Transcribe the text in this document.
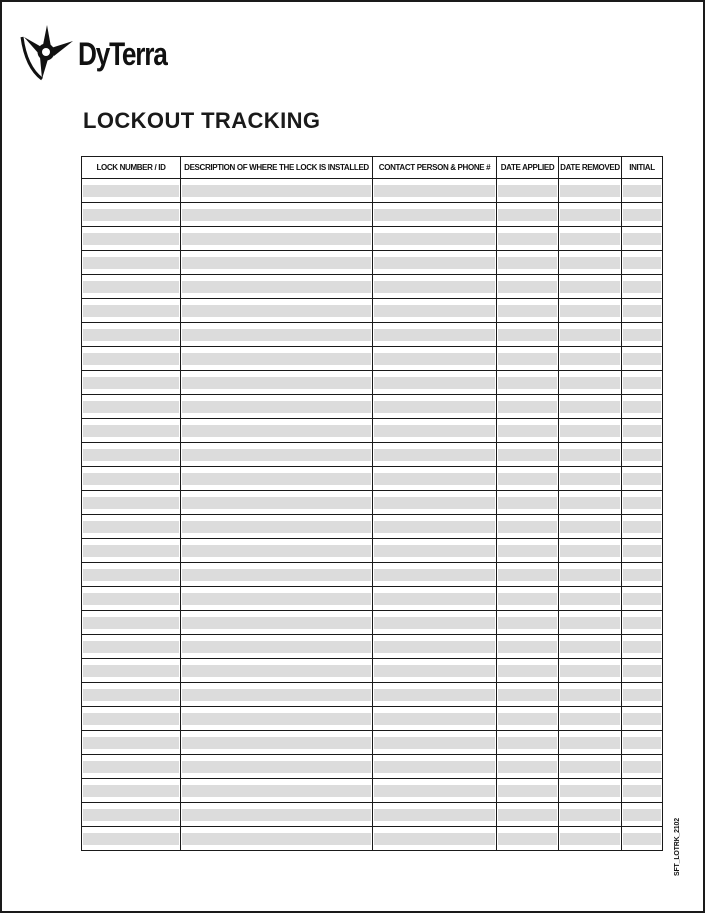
DyTerra
LOCKOUT TRACKING
LOCK NUMBER / ID	DESCRIPTION OF WHERE THE LOCK IS INSTALLED	CONTACT PERSON & PHONE #	DATE APPLIED	DATE REMOVED	INITIAL

SFT_LOTRK_2102
